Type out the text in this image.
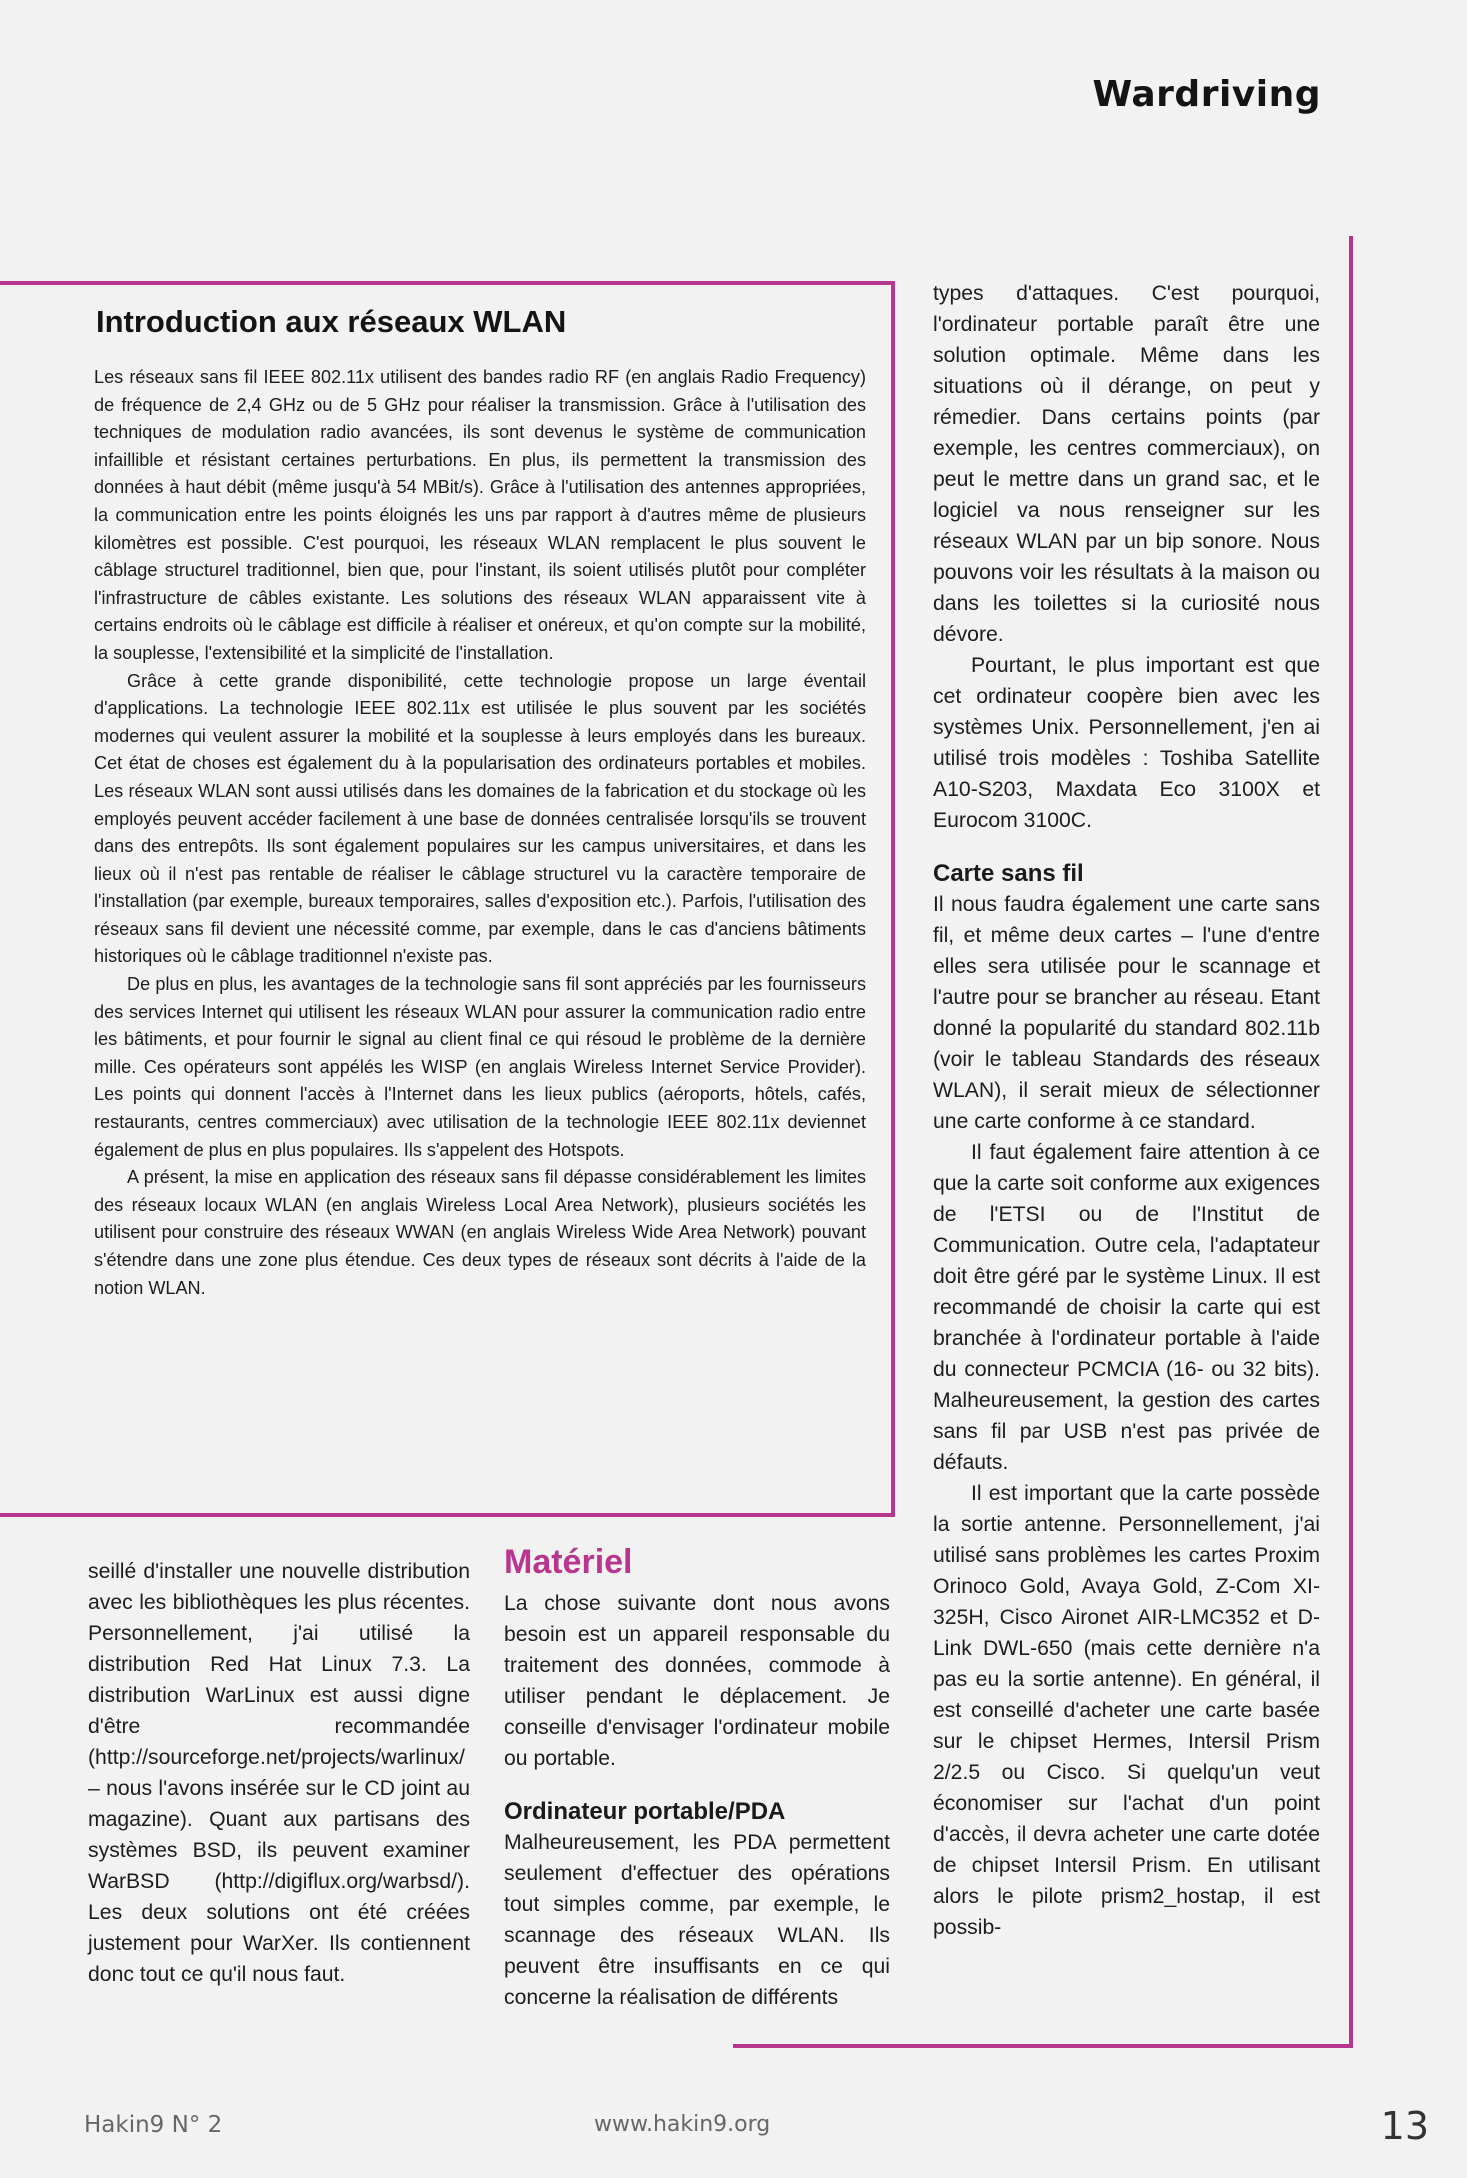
Wardriving
Introduction aux réseaux WLAN

Les réseaux sans fil IEEE 802.11x utilisent des bandes radio RF (en anglais Radio Frequency) de fréquence de 2,4 GHz ou de 5 GHz pour réaliser la transmission. Grâce à l'utilisation des techniques de modulation radio avancées, ils sont devenus le système de communication infaillible et résistant certaines perturbations. En plus, ils permettent la transmission des données à haut débit (même jusqu'à 54 MBit/s). Grâce à l'utilisation des antennes appropriées, la communication entre les points éloignés les uns par rapport à d'autres même de plusieurs kilomètres est possible. C'est pourquoi, les réseaux WLAN remplacent le plus souvent le câblage structurel traditionnel, bien que, pour l'instant, ils soient utilisés plutôt pour compléter l'infrastructure de câbles existante. Les solutions des réseaux WLAN apparaissent vite à certains endroits où le câblage est difficile à réaliser et onéreux, et qu'on compte sur la mobilité, la souplesse, l'extensibilité et la simplicité de l'installation.

Grâce à cette grande disponibilité, cette technologie propose un large éventail d'applications. La technologie IEEE 802.11x est utilisée le plus souvent par les sociétés modernes qui veulent assurer la mobilité et la souplesse à leurs employés dans les bureaux. Cet état de choses est également du à la popularisation des ordinateurs portables et mobiles. Les réseaux WLAN sont aussi utilisés dans les domaines de la fabrication et du stockage où les employés peuvent accéder facilement à une base de données centralisée lorsqu'ils se trouvent dans des entrepôts. Ils sont également populaires sur les campus universitaires, et dans les lieux où il n'est pas rentable de réaliser le câblage structurel vu la caractère temporaire de l'installation (par exemple, bureaux temporaires, salles d'exposition etc.). Parfois, l'utilisation des réseaux sans fil devient une nécessité comme, par exemple, dans le cas d'anciens bâtiments historiques où le câblage traditionnel n'existe pas.

De plus en plus, les avantages de la technologie sans fil sont appréciés par les fournisseurs des services Internet qui utilisent les réseaux WLAN pour assurer la communication radio entre les bâtiments, et pour fournir le signal au client final ce qui résoud le problème de la dernière mille. Ces opérateurs sont appélés les WISP (en anglais Wireless Internet Service Provider). Les points qui donnent l'accès à l'Internet dans les lieux publics (aéroports, hôtels, cafés, restaurants, centres commerciaux) avec utilisation de la technologie IEEE 802.11x deviennet également de plus en plus populaires. Ils s'appelent des Hotspots.

A présent, la mise en application des réseaux sans fil dépasse considérablement les limites des réseaux locaux WLAN (en anglais Wireless Local Area Network), plusieurs sociétés les utilisent pour construire des réseaux WWAN (en anglais Wireless Wide Area Network) pouvant s'étendre dans une zone plus étendue. Ces deux types de réseaux sont décrits à l'aide de la notion WLAN.

seillé d'installer une nouvelle distribution avec les bibliothèques les plus récentes. Personnellement, j'ai utilisé la distribution Red Hat Linux 7.3. La distribution WarLinux est aussi digne d'être recommandée (http://sourceforge.net/projects/warlinux/ – nous l'avons insérée sur le CD joint au magazine). Quant aux partisans des systèmes BSD, ils peuvent examiner WarBSD (http://digiflux.org/warbsd/). Les deux solutions ont été créées justement pour WarXer. Ils contiennent donc tout ce qu'il nous faut.

Matériel

La chose suivante dont nous avons besoin est un appareil responsable du traitement des données, commode à utiliser pendant le déplacement. Je conseille d'envisager l'ordinateur mobile ou portable.

Ordinateur portable/PDA

Malheureusement, les PDA permettent seulement d'effectuer des opérations tout simples comme, par exemple, le scannage des réseaux WLAN. Ils peuvent être insuffisants en ce qui concerne la réalisation de différents

types d'attaques. C'est pourquoi, l'ordinateur portable paraît être une solution optimale. Même dans les situations où il dérange, on peut y rémedier. Dans certains points (par exemple, les centres commerciaux), on peut le mettre dans un grand sac, et le logiciel va nous renseigner sur les réseaux WLAN par un bip sonore. Nous pouvons voir les résultats à la maison ou dans les toilettes si la curiosité nous dévore.

Pourtant, le plus important est que cet ordinateur coopère bien avec les systèmes Unix. Personnellement, j'en ai utilisé trois modèles : Toshiba Satellite A10-S203, Maxdata Eco 3100X et Eurocom 3100C.

Carte sans fil

Il nous faudra également une carte sans fil, et même deux cartes – l'une d'entre elles sera utilisée pour le scannage et l'autre pour se brancher au réseau. Etant donné la popularité du standard 802.11b (voir le tableau Standards des réseaux WLAN), il serait mieux de sélectionner une carte conforme à ce standard.

Il faut également faire attention à ce que la carte soit conforme aux exigences de l'ETSI ou de l'Institut de Communication. Outre cela, l'adaptateur doit être géré par le système Linux. Il est recommandé de choisir la carte qui est branchée à l'ordinateur portable à l'aide du connecteur PCMCIA (16- ou 32 bits). Malheureusement, la gestion des cartes sans fil par USB n'est pas privée de défauts.

Il est important que la carte possède la sortie antenne. Personnellement, j'ai utilisé sans problèmes les cartes Proxim Orinoco Gold, Avaya Gold, Z-Com XI-325H, Cisco Aironet AIR-LMC352 et D-Link DWL-650 (mais cette dernière n'a pas eu la sortie antenne). En général, il est conseillé d'acheter une carte basée sur le chipset Hermes, Intersil Prism 2/2.5 ou Cisco. Si quelqu'un veut économiser sur l'achat d'un point d'accès, il devra acheter une carte dotée de chipset Intersil Prism. En utilisant alors le pilote prism2_hostap, il est possib-

Hakin9 N° 2	www.hakin9.org	13
